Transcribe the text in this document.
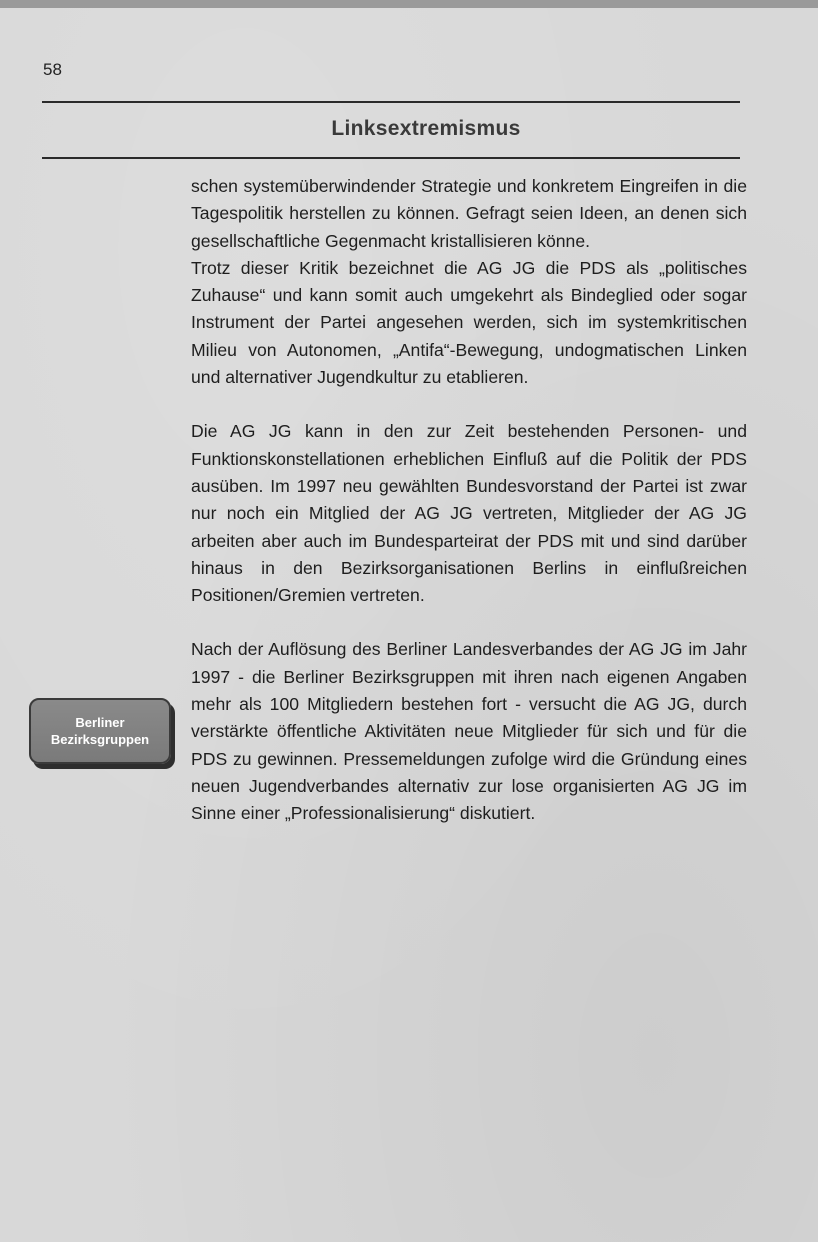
58
Linksextremismus

schen systemüberwindender Strategie und konkretem Eingreifen in die Tagespolitik herstellen zu können. Gefragt seien Ideen, an denen sich gesellschaftliche Gegenmacht kristallisieren könne.

Trotz dieser Kritik bezeichnet die AG JG die PDS als „politisches Zuhause“ und kann somit auch umgekehrt als Bindeglied oder sogar Instrument der Partei angesehen werden, sich im systemkritischen Milieu von Autonomen, „Antifa“-Bewegung, undogmatischen Linken und alternativer Jugendkultur zu etablieren.

Die AG JG kann in den zur Zeit bestehenden Personen- und Funktionskonstellationen erheblichen Einfluß auf die Politik der PDS ausüben. Im 1997 neu gewählten Bundesvorstand der Partei ist zwar nur noch ein Mitglied der AG JG vertreten, Mitglieder der AG JG arbeiten aber auch im Bundesparteirat der PDS mit und sind darüber hinaus in den Bezirksorganisationen Berlins in einflußreichen Positionen/Gremien vertreten.

Nach der Auflösung des Berliner Landesverbandes der AG JG im Jahr 1997 - die Berliner Bezirksgruppen mit ihren nach eigenen Angaben mehr als 100 Mitgliedern bestehen fort - versucht die AG JG, durch verstärkte öffentliche Aktivitäten neue Mitglieder für sich und für die PDS zu gewinnen. Pressemeldungen zufolge wird die Gründung eines neuen Jugendverbandes alternativ zur lose organisierten AG JG im Sinne einer „Professionalisierung“ diskutiert.

Berliner
Bezirksgruppen
